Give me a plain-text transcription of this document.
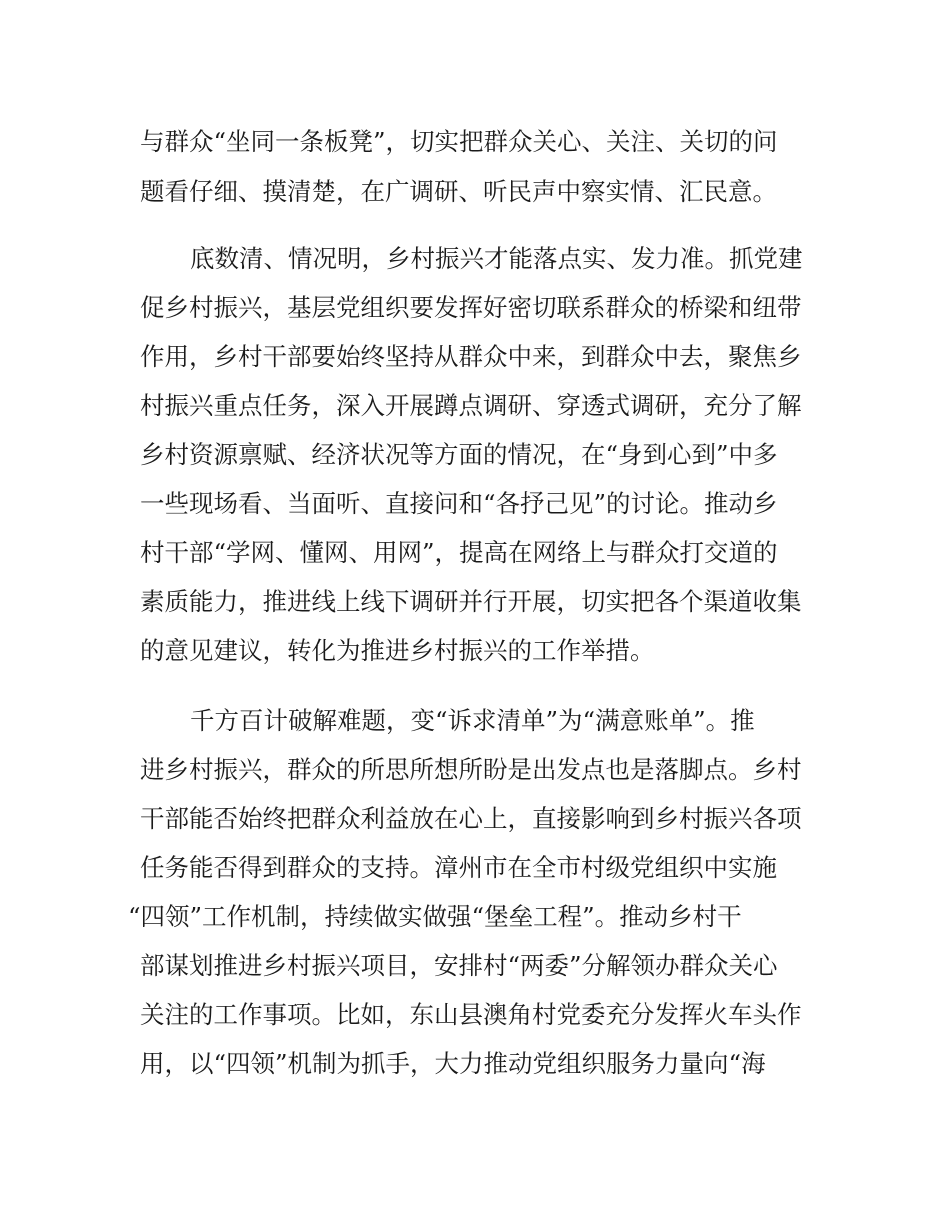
与群众“坐同一条板凳”，切实把群众关心、关注、关切的问
题看仔细、摸清楚，在广调研、听民声中察实情、汇民意。
底数清、情况明，乡村振兴才能落点实、发力准。抓党建
促乡村振兴，基层党组织要发挥好密切联系群众的桥梁和纽带
作用，乡村干部要始终坚持从群众中来，到群众中去，聚焦乡
村振兴重点任务，深入开展蹲点调研、穿透式调研，充分了解
乡村资源禀赋、经济状况等方面的情况，在“身到心到”中多
一些现场看、当面听、直接问和“各抒己见”的讨论。推动乡
村干部“学网、懂网、用网”，提高在网络上与群众打交道的
素质能力，推进线上线下调研并行开展，切实把各个渠道收集
的意见建议，转化为推进乡村振兴的工作举措。
千方百计破解难题，变“诉求清单”为“满意账单”。推
进乡村振兴，群众的所思所想所盼是出发点也是落脚点。乡村
干部能否始终把群众利益放在心上，直接影响到乡村振兴各项
任务能否得到群众的支持。漳州市在全市村级党组织中实施
“四领”工作机制，持续做实做强“堡垒工程”。推动乡村干
部谋划推进乡村振兴项目，安排村“两委”分解领办群众关心
关注的工作事项。比如，东山县澳角村党委充分发挥火车头作
用，以“四领”机制为抓手，大力推动党组织服务力量向“海
